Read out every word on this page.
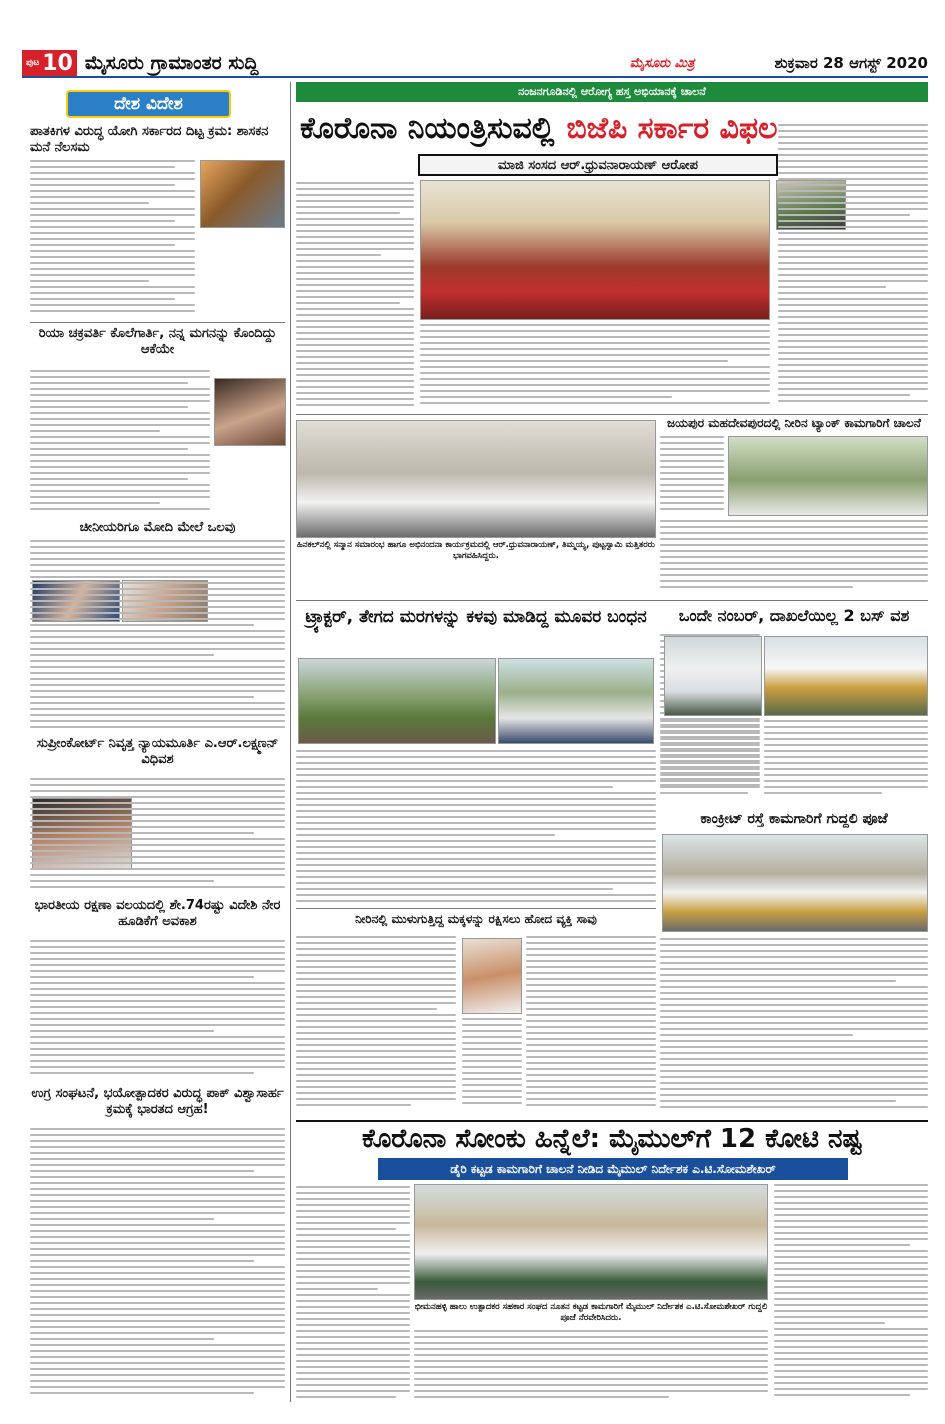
ಪುಟ 10 ಮೈಸೂರು ಗ್ರಾಮಾಂತರ ಸುದ್ದಿ	ಮೈಸೂರು ಮಿತ್ರ	ಶುಕ್ರವಾರ 28 ಆಗಸ್ಟ್ 2020
ದೇಶ ವಿದೇಶ
ಪಾತಕಿಗಳ ವಿರುದ್ಧ ಯೋಗಿ ಸರ್ಕಾರದ ದಿಟ್ಟ ಕ್ರಮ: ಶಾಸಕನ ಮನೆ ನೆಲಸಮ
ರಿಯಾ ಚಕ್ರವರ್ತಿ ಕೊಲೆಗಾರ್ತಿ, ನನ್ನ ಮಗನನ್ನು ಕೊಂದಿದ್ದು ಆಕೆಯೇ
ಚೀನೀಯರಿಗೂ ಮೋದಿ ಮೇಲೆ ಒಲವು
ಸುಪ್ರೀಂಕೋರ್ಟ್ ನಿವೃತ್ತ ನ್ಯಾಯಮೂರ್ತಿ ಎ.ಆರ್.ಲಕ್ಷ್ಮಣನ್ ವಿಧಿವಶ
ಭಾರತೀಯ ರಕ್ಷಣಾ ವಲಯದಲ್ಲಿ ಶೇ.74ರಷ್ಟು ವಿದೇಶಿ ನೇರ ಹೂಡಿಕೆಗೆ ಅವಕಾಶ
ಉಗ್ರ ಸಂಘಟನೆ, ಭಯೋತ್ಪಾದಕರ ವಿರುದ್ಧ ಪಾಕ್ ವಿಶ್ವಾಸಾರ್ಹ ಕ್ರಮಕ್ಕೆ ಭಾರತದ ಆಗ್ರಹ!
ನಂಜನಗೂಡಿನಲ್ಲಿ ಆರೋಗ್ಯ ಹಸ್ತ ಅಭಿಯಾನಕ್ಕೆ ಚಾಲನೆ
ಕೊರೊನಾ ನಿಯಂತ್ರಿಸುವಲ್ಲಿ ಬಿಜೆಪಿ ಸರ್ಕಾರ ವಿಫಲ
ಮಾಜಿ ಸಂಸದ ಆರ್.ಧ್ರುವನಾರಾಯಣ್ ಆರೋಪ
ಹಿನಕಲ್‌ನಲ್ಲಿ ಸನ್ಮಾನ ಸಮಾರಂಭ ಹಾಗೂ ಅಭಿನಂದನಾ ಕಾರ್ಯಕ್ರಮದಲ್ಲಿ ಆರ್.ಧ್ರುವನಾರಾಯಣ್, ತಿಮ್ಮಯ್ಯ, ಪುಟ್ಟಸ್ವಾಮಿ ಮತ್ತಿತರರು ಭಾಗವಹಿಸಿದ್ದರು.
ಜಯಪುರ ಮಹದೇವಪುರದಲ್ಲಿ ನೀರಿನ ಟ್ಯಾಂಕ್ ಕಾಮಗಾರಿಗೆ ಚಾಲನೆ
ಟ್ರ್ಯಾಕ್ಟರ್, ತೇಗದ ಮರಗಳನ್ನು ಕಳವು ಮಾಡಿದ್ದ ಮೂವರ ಬಂಧನ	ಒಂದೇ ನಂಬರ್, ದಾಖಲೆಯಿಲ್ಲ 2 ಬಸ್ ವಶ
ಕಾಂಕ್ರೀಟ್ ರಸ್ತೆ ಕಾಮಗಾರಿಗೆ ಗುದ್ದಲಿ ಪೂಜೆ
ನೀರಿನಲ್ಲಿ ಮುಳುಗುತ್ತಿದ್ದ ಮಕ್ಕಳನ್ನು ರಕ್ಷಿಸಲು ಹೋದ ವ್ಯಕ್ತಿ ಸಾವು
ಕೊರೊನಾ ಸೋಂಕು ಹಿನ್ನೆಲೆ: ಮೈಮುಲ್‌ಗೆ 12 ಕೋಟಿ ನಷ್ಟ
ಡೈರಿ ಕಟ್ಟಡ ಕಾಮಗಾರಿಗೆ ಚಾಲನೆ ನೀಡಿದ ಮೈಮುಲ್ ನಿರ್ದೇಶಕ ಎ.ಟಿ.ಸೋಮಶೇಖರ್
ಭೀಮನಹಳ್ಳಿ ಹಾಲು ಉತ್ಪಾದಕರ ಸಹಕಾರ ಸಂಘದ ನೂತನ ಕಟ್ಟಡ ಕಾಮಗಾರಿಗೆ ಮೈಮುಲ್ ನಿರ್ದೇಶಕ ಎ.ಟಿ.ಸೋಮಶೇಖರ್ ಗುದ್ದಲಿ ಪೂಜೆ ನೆರವೇರಿಸಿದರು.
